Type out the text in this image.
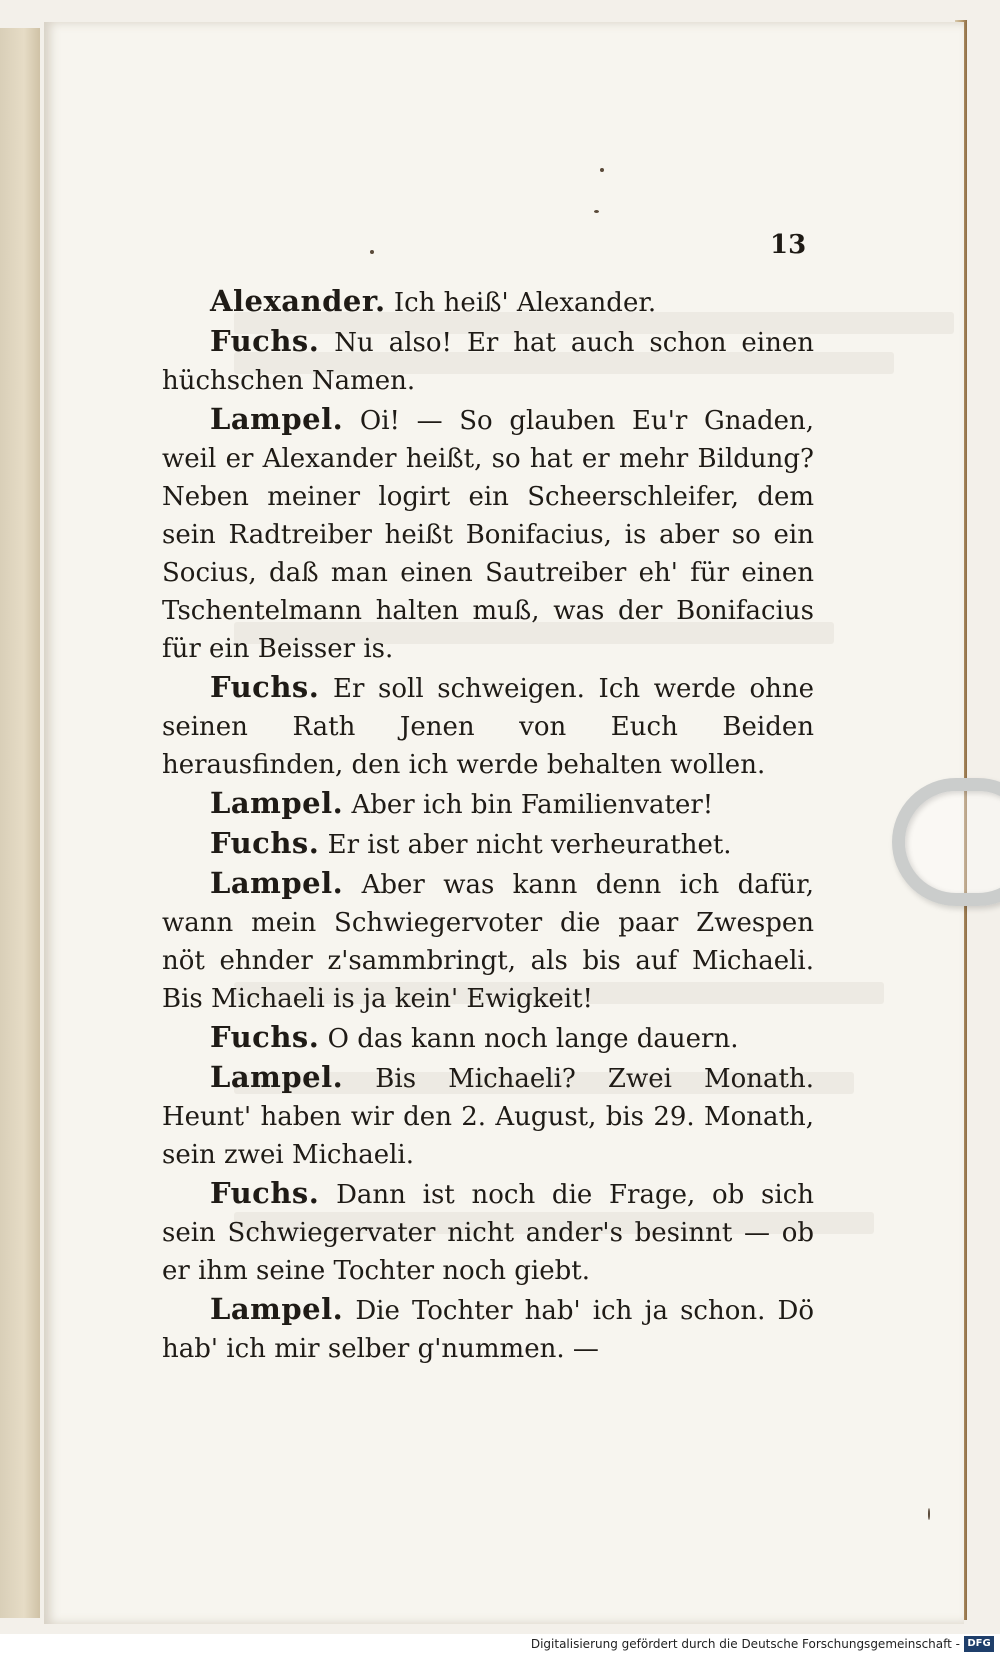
13

Alexander. Ich heiß' Alexander.

Fuchs. Nu also! Er hat auch schon einen hüchschen Namen.

Lampel. Oi! — So glauben Eu'r Gnaden, weil er Alexander heißt, so hat er mehr Bildung? Neben meiner logirt ein Scheerschleifer, dem sein Radtreiber heißt Bonifacius, is aber so ein Socius, daß man einen Sautreiber eh' für einen Tschentelmann halten muß, was der Bonifacius für ein Beisser is.

Fuchs. Er soll schweigen. Ich werde ohne seinen Rath Jenen von Euch Beiden herausfinden, den ich werde behalten wollen.

Lampel. Aber ich bin Familienvater!

Fuchs. Er ist aber nicht verheurathet.

Lampel. Aber was kann denn ich dafür, wann mein Schwiegervoter die paar Zwespen nöt ehnder z'sammbringt, als bis auf Michaeli. Bis Michaeli is ja kein' Ewigkeit!

Fuchs. O das kann noch lange dauern.

Lampel. Bis Michaeli? Zwei Monath. Heunt' haben wir den 2. August, bis 29. Monath, sein zwei Michaeli.

Fuchs. Dann ist noch die Frage, ob sich sein Schwiegervater nicht ander's besinnt — ob er ihm seine Tochter noch giebt.

Lampel. Die Tochter hab' ich ja schon. Dö hab' ich mir selber g'nummen. —

Digitalisierung gefördert durch die Deutsche Forschungsgemeinschaft - DFG
